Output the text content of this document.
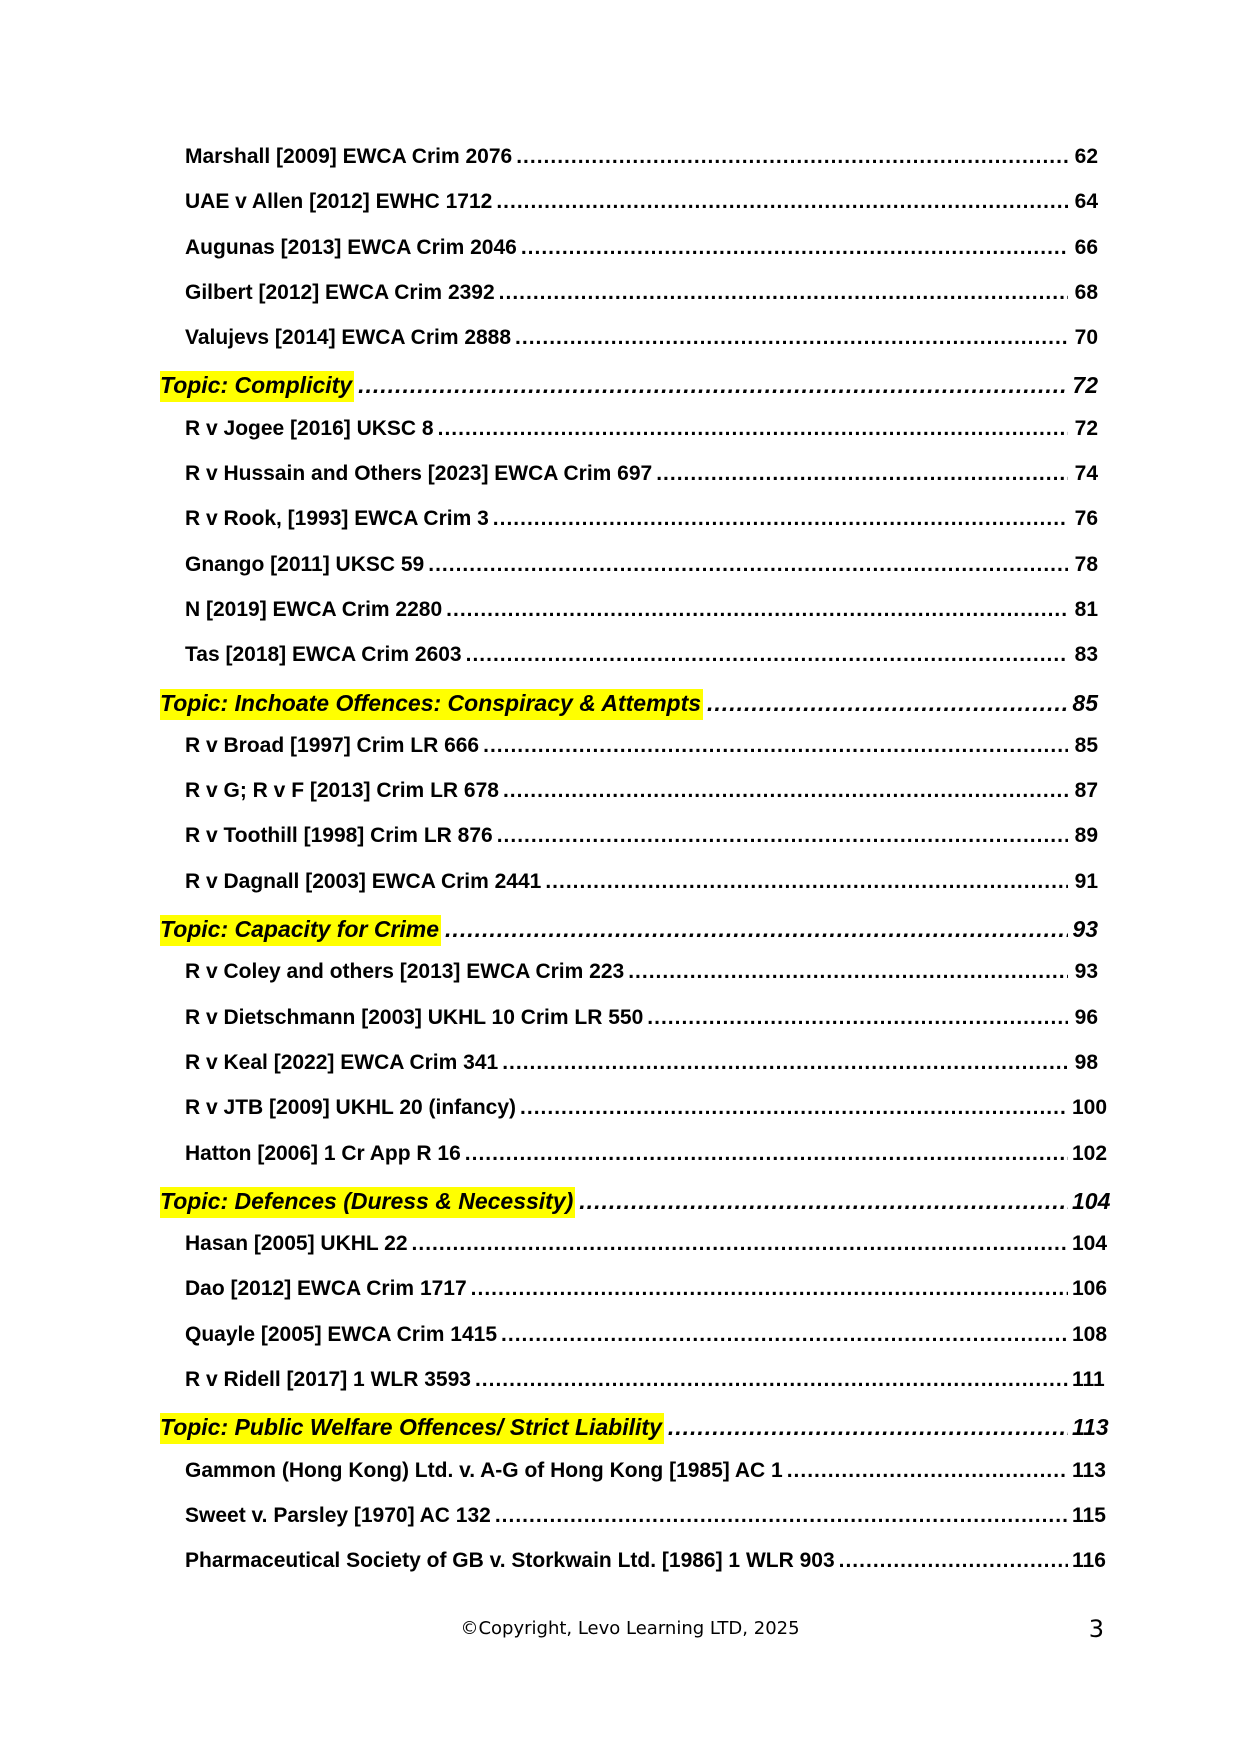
Marshall [2009] EWCA Crim 2076 .....	62
UAE v Allen [2012] EWHC 1712 .....	64
Augunas [2013] EWCA Crim 2046 .....	66
Gilbert [2012] EWCA Crim 2392 .....	68
Valujevs [2014] EWCA Crim 2888 .....	70
Topic: Complicity .....	72
R v Jogee [2016] UKSC 8 .....	72
R v Hussain and Others [2023] EWCA Crim 697 .....	74
R v Rook, [1993] EWCA Crim 3 .....	76
Gnango [2011] UKSC 59 .....	78
N [2019] EWCA Crim 2280 .....	81
Tas [2018] EWCA Crim 2603 .....	83
Topic: Inchoate Offences: Conspiracy & Attempts .....	85
R v Broad [1997] Crim LR 666 .....	85
R v G; R v F [2013] Crim LR 678 .....	87
R v Toothill [1998] Crim LR 876 .....	89
R v Dagnall [2003] EWCA Crim 2441 .....	91
Topic: Capacity for Crime .....	93
R v Coley and others [2013] EWCA Crim 223 .....	93
R v Dietschmann [2003] UKHL 10 Crim LR 550 .....	96
R v Keal [2022] EWCA Crim 341 .....	98
R v JTB [2009] UKHL 20 (infancy) .....	100
Hatton [2006] 1 Cr App R 16 .....	102
Topic: Defences (Duress & Necessity) .....	104
Hasan [2005] UKHL 22 .....	104
Dao [2012] EWCA Crim 1717 .....	106
Quayle [2005] EWCA Crim 1415 .....	108
R v Ridell [2017] 1 WLR 3593 .....	111
Topic: Public Welfare Offences/ Strict Liability .....	113
Gammon (Hong Kong) Ltd. v. A-G of Hong Kong [1985] AC 1 .....	113
Sweet v. Parsley [1970] AC 132 .....	115
Pharmaceutical Society of GB v. Storkwain Ltd. [1986] 1 WLR 903 .....	116
©Copyright, Levo Learning LTD, 2025	3
